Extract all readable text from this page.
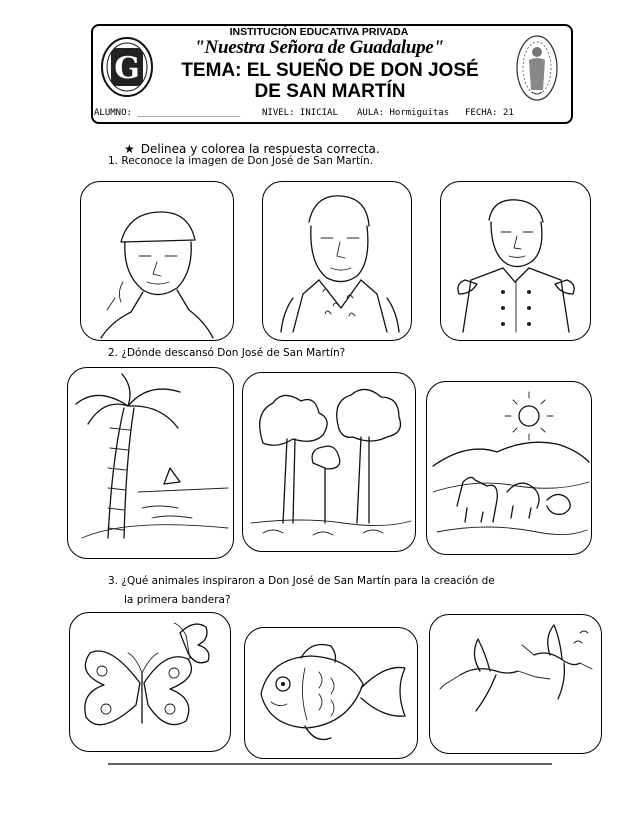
G
INSTITUCIÓN EDUCATIVA PRIVADA
"Nuestra Señora de Guadalupe"
TEMA: EL SUEÑO DE DON JOSÉ
DE SAN MARTÍN
ALUMNO: ___________________ NIVEL: INICIAL AULA: Hormiguitas FECHA: 21
★ Delinea y colorea la respuesta correcta.
1. Reconoce la imagen de Don José de San Martín.
2. ¿Dónde descansó Don José de San Martín?
3. ¿Qué animales inspiraron a Don José de San Martín para la creación de
la primera bandera?
